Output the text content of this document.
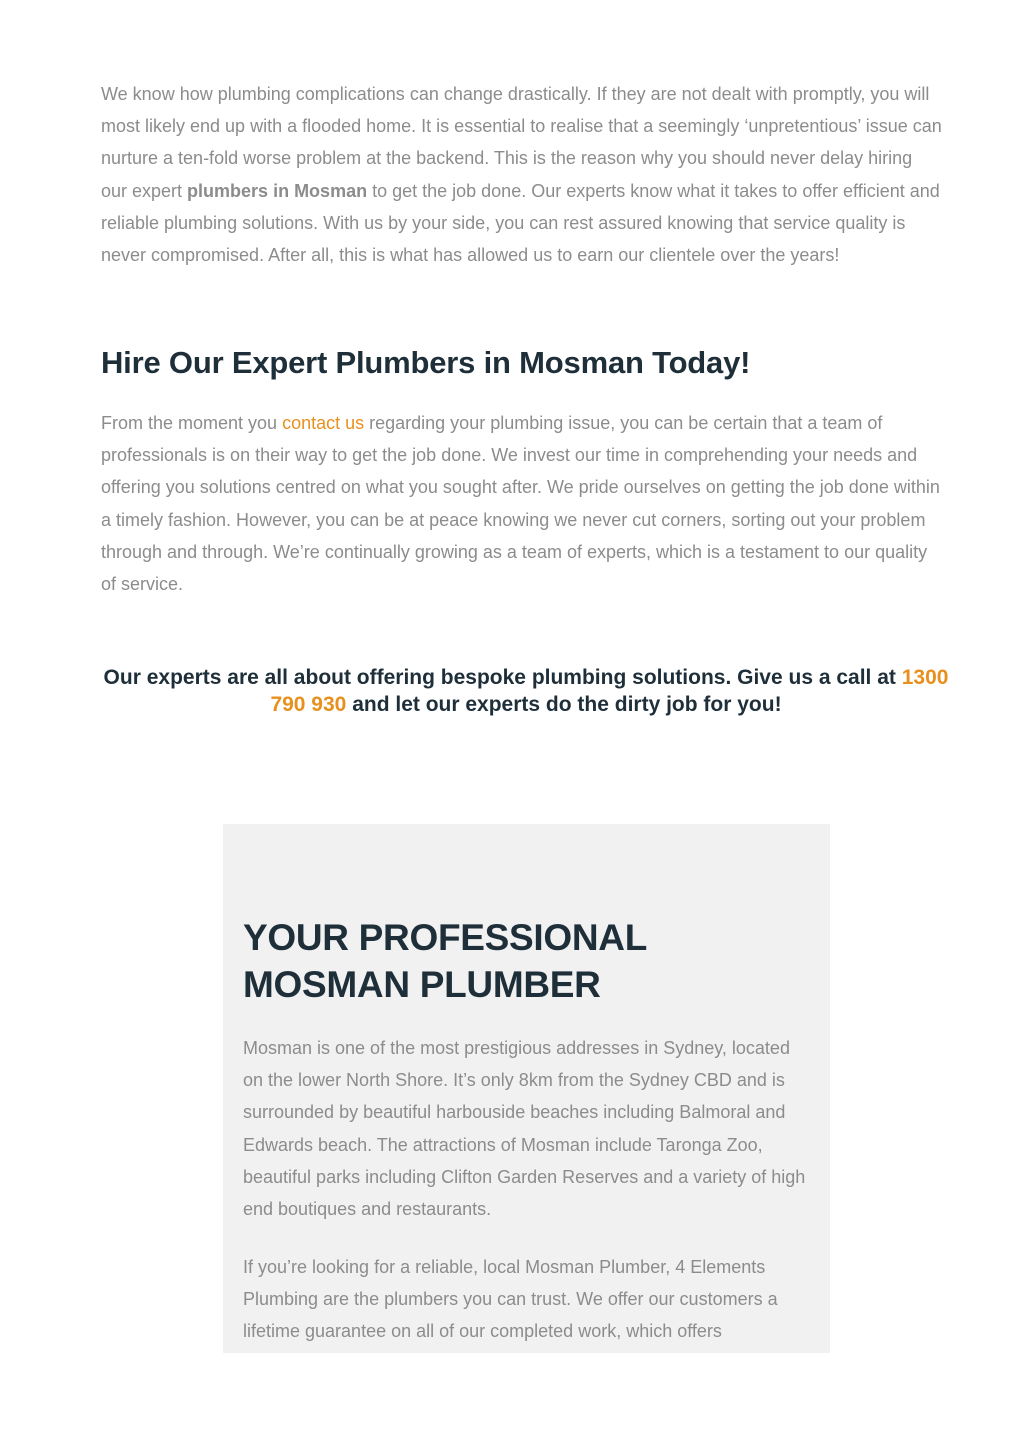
We know how plumbing complications can change drastically. If they are not dealt with promptly, you will most likely end up with a flooded home. It is essential to realise that a seemingly ‘unpretentious’ issue can nurture a ten-fold worse problem at the backend. This is the reason why you should never delay hiring our expert plumbers in Mosman to get the job done. Our experts know what it takes to offer efficient and reliable plumbing solutions. With us by your side, you can rest assured knowing that service quality is never compromised. After all, this is what has allowed us to earn our clientele over the years!

Hire Our Expert Plumbers in Mosman Today!

From the moment you contact us regarding your plumbing issue, you can be certain that a team of professionals is on their way to get the job done. We invest our time in comprehending your needs and offering you solutions centred on what you sought after. We pride ourselves on getting the job done within a timely fashion. However, you can be at peace knowing we never cut corners, sorting out your problem through and through. We’re continually growing as a team of experts, which is a testament to our quality of service.

Our experts are all about offering bespoke plumbing solutions. Give us a call at 1300 790 930 and let our experts do the dirty job for you!
YOUR PROFESSIONAL
MOSMAN PLUMBER

Mosman is one of the most prestigious addresses in Sydney, located on the lower North Shore. It’s only 8km from the Sydney CBD and is surrounded by beautiful harbouside beaches including Balmoral and Edwards beach. The attractions of Mosman include Taronga Zoo, beautiful parks including Clifton Garden Reserves and a variety of high end boutiques and restaurants.

If you’re looking for a reliable, local Mosman Plumber, 4 Elements Plumbing are the plumbers you can trust. We offer our customers a lifetime guarantee on all of our completed work, which offers
